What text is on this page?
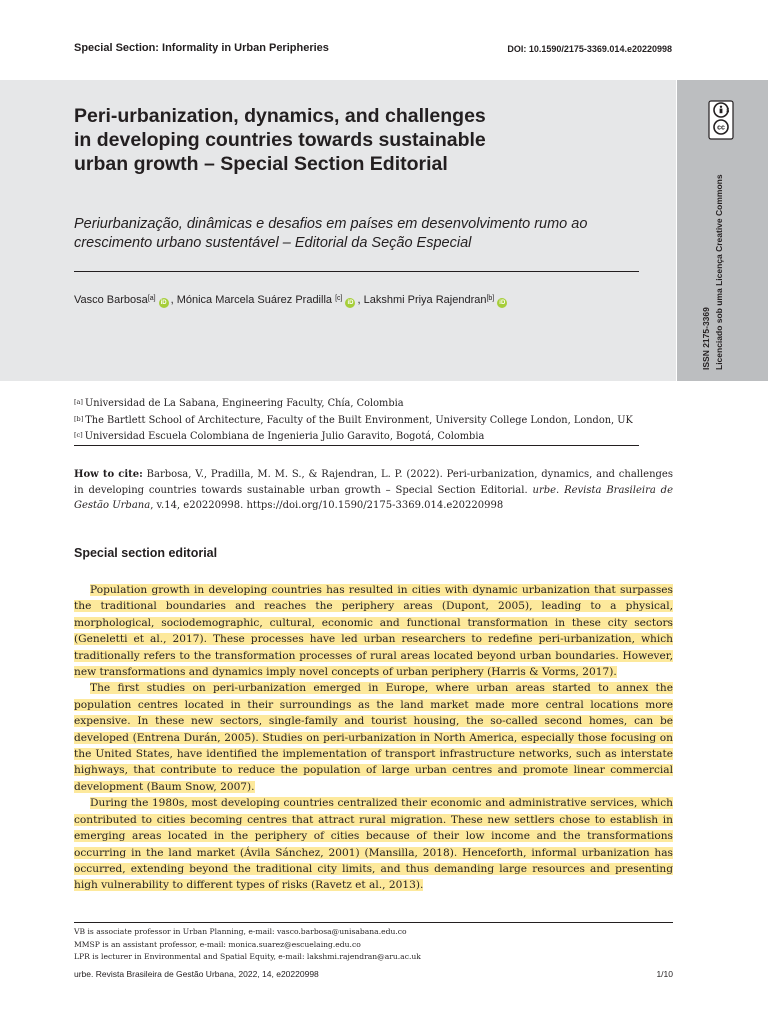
Special Section: Informality in Urban Peripheries	DOI: 10.1590/2175-3369.014.e20220998
cc
BY
ISSN 2175-3369 Licenciado sob uma Licença Creative Commons
Peri-urbanization, dynamics, and challenges in developing countries towards sustainable urban growth – Special Section Editorial
Periurbanização, dinâmicas e desafios em países em desenvolvimento rumo ao crescimento urbano sustentável – Editorial da Seção Especial
Vasco Barbosa[a]iD , Mónica Marcela Suárez Pradilla [c]iD , Lakshmi Priya Rajendran[b]iD
[a] Universidad de La Sabana, Engineering Faculty, Chía, Colombia
[b] The Bartlett School of Architecture, Faculty of the Built Environment, University College London, London, UK
[c] Universidad Escuela Colombiana de Ingenieria Julio Garavito, Bogotá, Colombia
How to cite: Barbosa, V., Pradilla, M. M. S., & Rajendran, L. P. (2022). Peri-urbanization, dynamics, and challenges in developing countries towards sustainable urban growth – Special Section Editorial. urbe. Revista Brasileira de Gestão Urbana, v.14, e20220998. https://doi.org/10.1590/2175-3369.014.e20220998
Special section editorial

Population growth in developing countries has resulted in cities with dynamic urbanization that surpasses the traditional boundaries and reaches the periphery areas (Dupont, 2005), leading to a physical, morphological, sociodemographic, cultural, economic and functional transformation in these city sectors (Geneletti et al., 2017). These processes have led urban researchers to redefine peri-urbanization, which traditionally refers to the transformation processes of rural areas located beyond urban boundaries. However, new transformations and dynamics imply novel concepts of urban periphery (Harris & Vorms, 2017).

The first studies on peri-urbanization emerged in Europe, where urban areas started to annex the population centres located in their surroundings as the land market made more central locations more expensive. In these new sectors, single-family and tourist housing, the so-called second homes, can be developed (Entrena Durán, 2005). Studies on peri-urbanization in North America, especially those focusing on the United States, have identified the implementation of transport infrastructure networks, such as interstate highways, that contribute to reduce the population of large urban centres and promote linear commercial development (Baum Snow, 2007).

During the 1980s, most developing countries centralized their economic and administrative services, which contributed to cities becoming centres that attract rural migration. These new settlers chose to establish in emerging areas located in the periphery of cities because of their low income and the transformations occurring in the land market (Ávila Sánchez, 2001) (Mansilla, 2018). Henceforth, informal urbanization has occurred, extending beyond the traditional city limits, and thus demanding large resources and presenting high vulnerability to different types of risks (Ravetz et al., 2013).

VB is associate professor in Urban Planning, e-mail: vasco.barbosa@unisabana.edu.co
MMSP is an assistant professor, e-mail: monica.suarez@escuelaing.edu.co
LPR is lecturer in Environmental and Spatial Equity, e-mail: lakshmi.rajendran@aru.ac.uk
urbe. Revista Brasileira de Gestão Urbana, 2022, 14, e20220998	1/10
